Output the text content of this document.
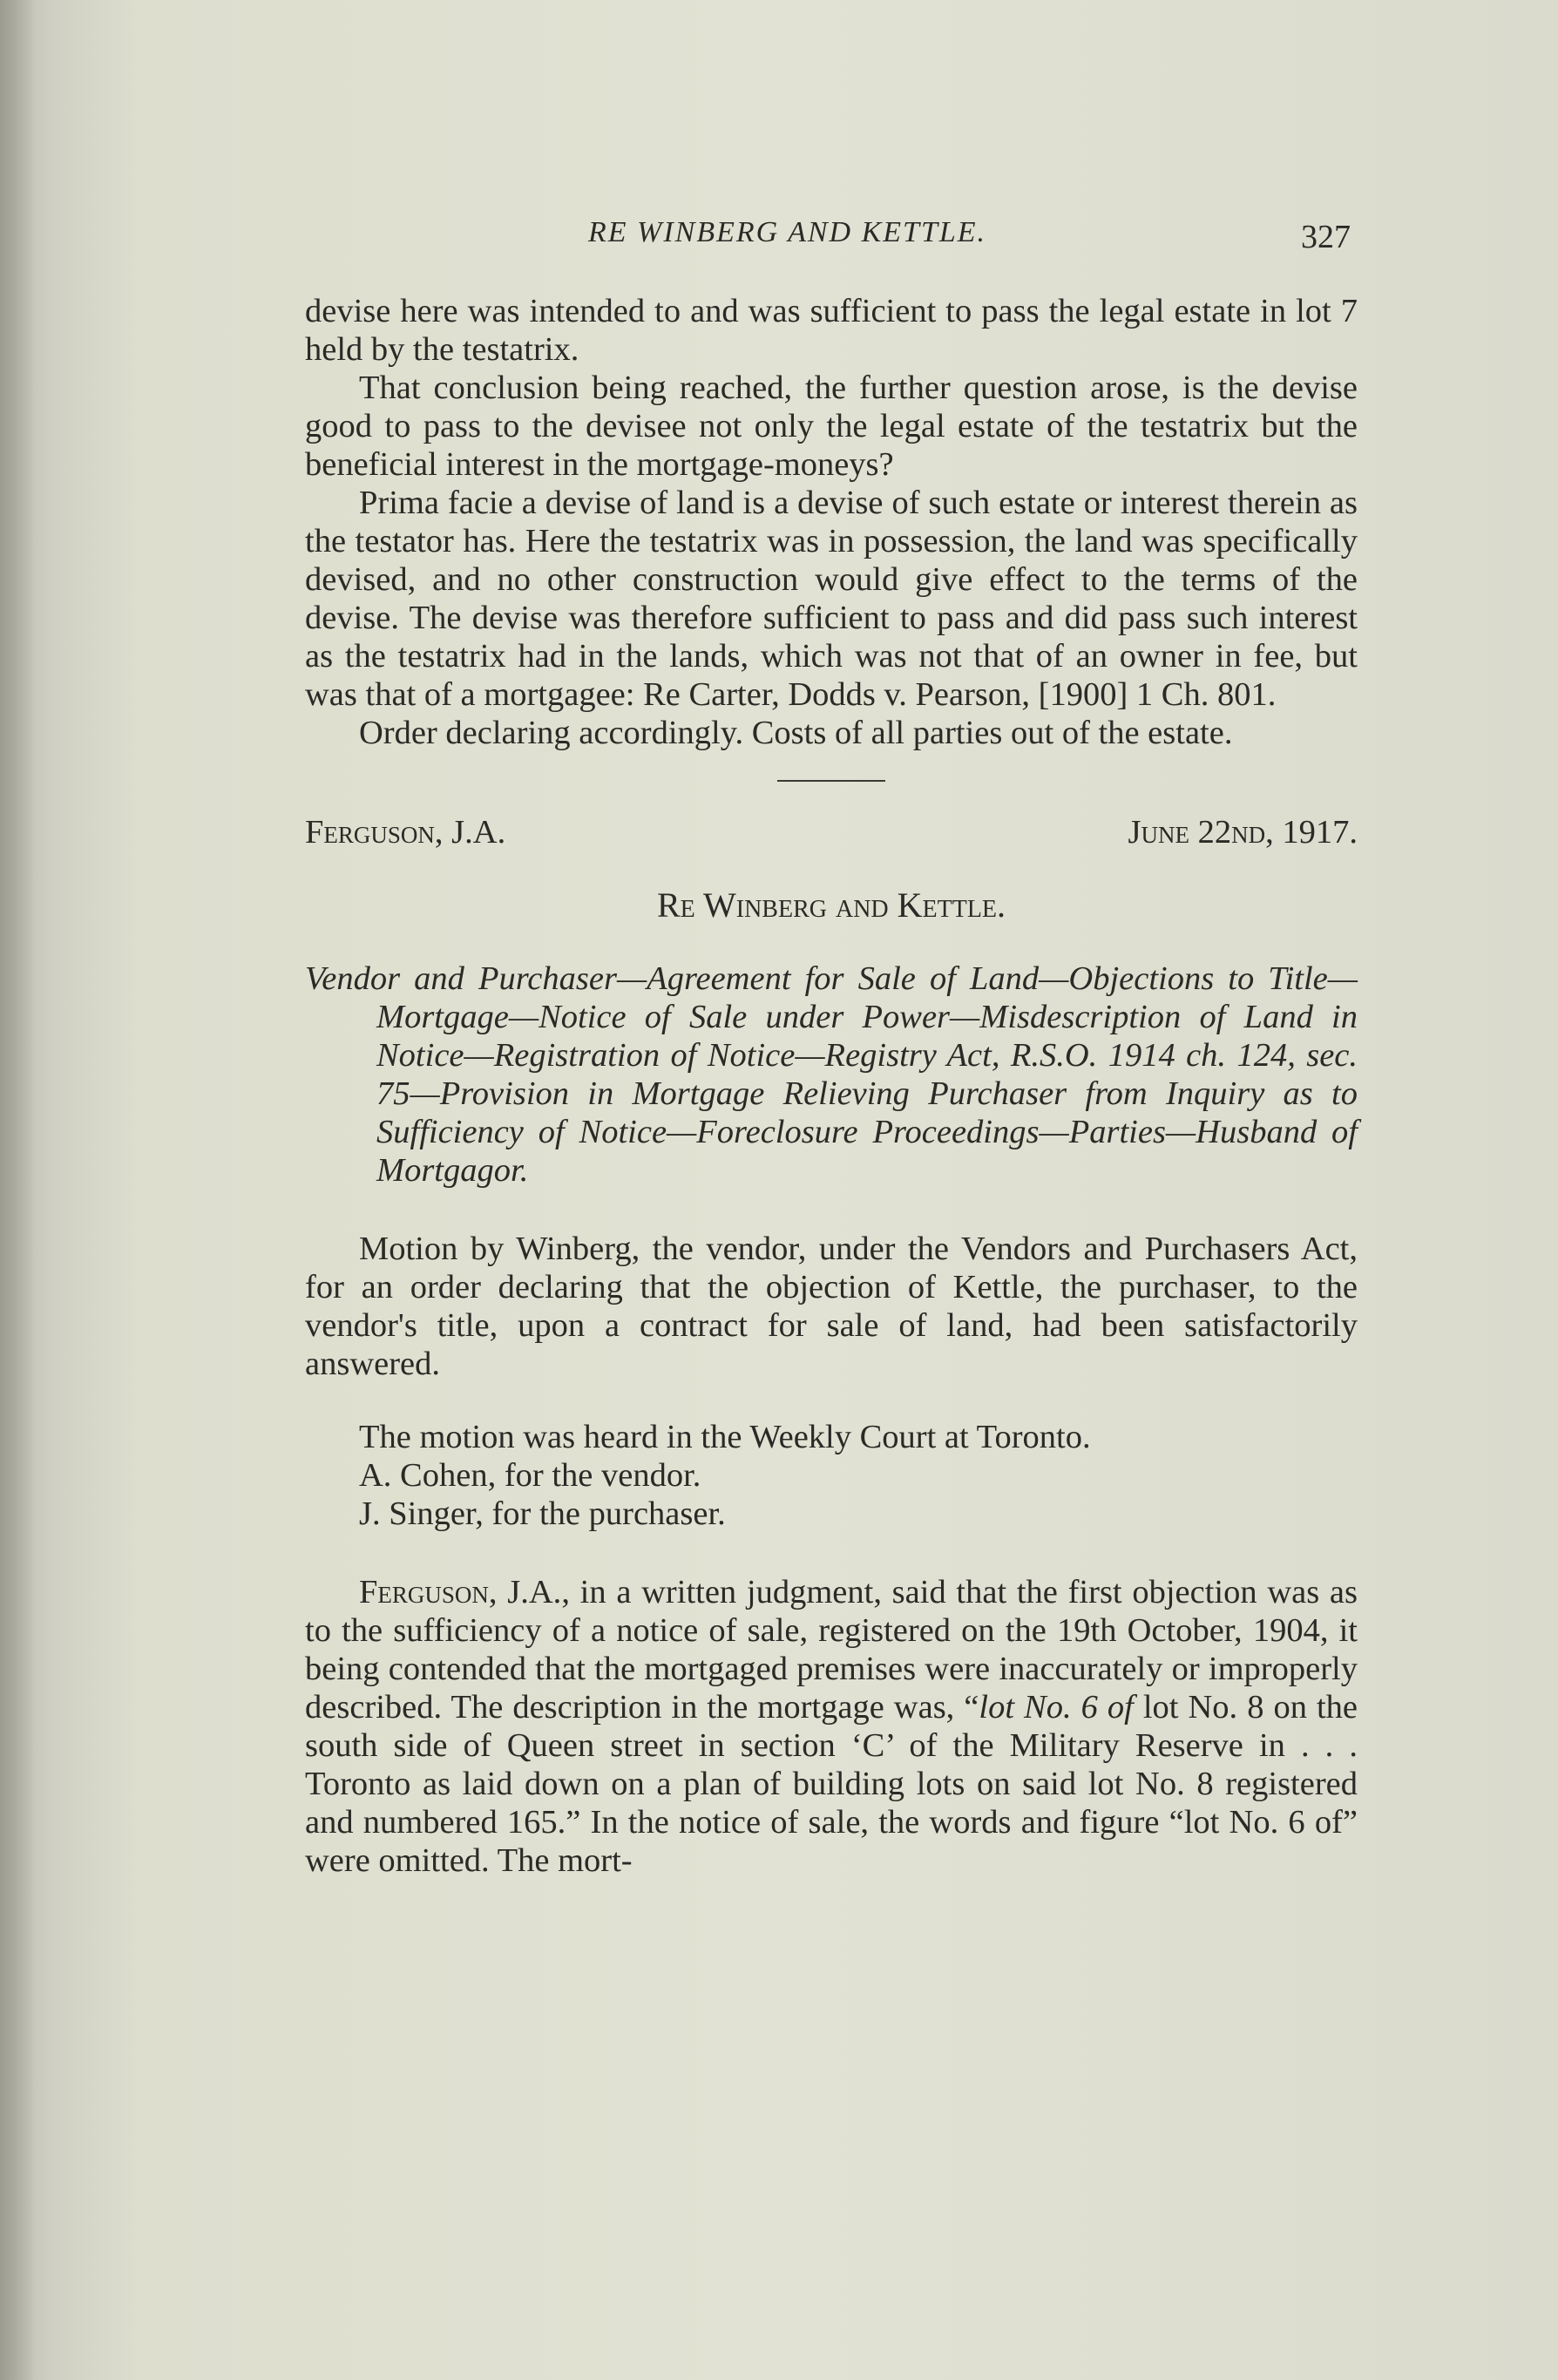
RE WINBERG AND KETTLE.	327

devise here was intended to and was sufficient to pass the legal estate in lot 7 held by the testatrix.

That conclusion being reached, the further question arose, is the devise good to pass to the devisee not only the legal estate of the testatrix but the beneficial interest in the mortgage-moneys?

Prima facie a devise of land is a devise of such estate or interest therein as the testator has. Here the testatrix was in possession, the land was specifically devised, and no other construction would give effect to the terms of the devise. The devise was therefore sufficient to pass and did pass such interest as the testatrix had in the lands, which was not that of an owner in fee, but was that of a mortgagee: Re Carter, Dodds v. Pearson, [1900] 1 Ch. 801.

Order declaring accordingly. Costs of all parties out of the estate.

Ferguson, J.A.	June 22nd, 1917.
Re Winberg and Kettle.

Vendor and Purchaser—Agreement for Sale of Land—Objections to Title—Mortgage—Notice of Sale under Power—Misdescription of Land in Notice—Registration of Notice—Registry Act, R.S.O. 1914 ch. 124, sec. 75—Provision in Mortgage Relieving Purchaser from Inquiry as to Sufficiency of Notice—Foreclosure Proceedings—Parties—Husband of Mortgagor.

Motion by Winberg, the vendor, under the Vendors and Purchasers Act, for an order declaring that the objection of Kettle, the purchaser, to the vendor's title, upon a contract for sale of land, had been satisfactorily answered.

The motion was heard in the Weekly Court at Toronto.

A. Cohen, for the vendor.

J. Singer, for the purchaser.

Ferguson, J.A., in a written judgment, said that the first objection was as to the sufficiency of a notice of sale, registered on the 19th October, 1904, it being contended that the mortgaged premises were inaccurately or improperly described. The description in the mortgage was, “lot No. 6 of lot No. 8 on the south side of Queen street in section ‘C’ of the Military Reserve in . . . Toronto as laid down on a plan of building lots on said lot No. 8 registered and numbered 165.” In the notice of sale, the words and figure “lot No. 6 of” were omitted. The mort-
